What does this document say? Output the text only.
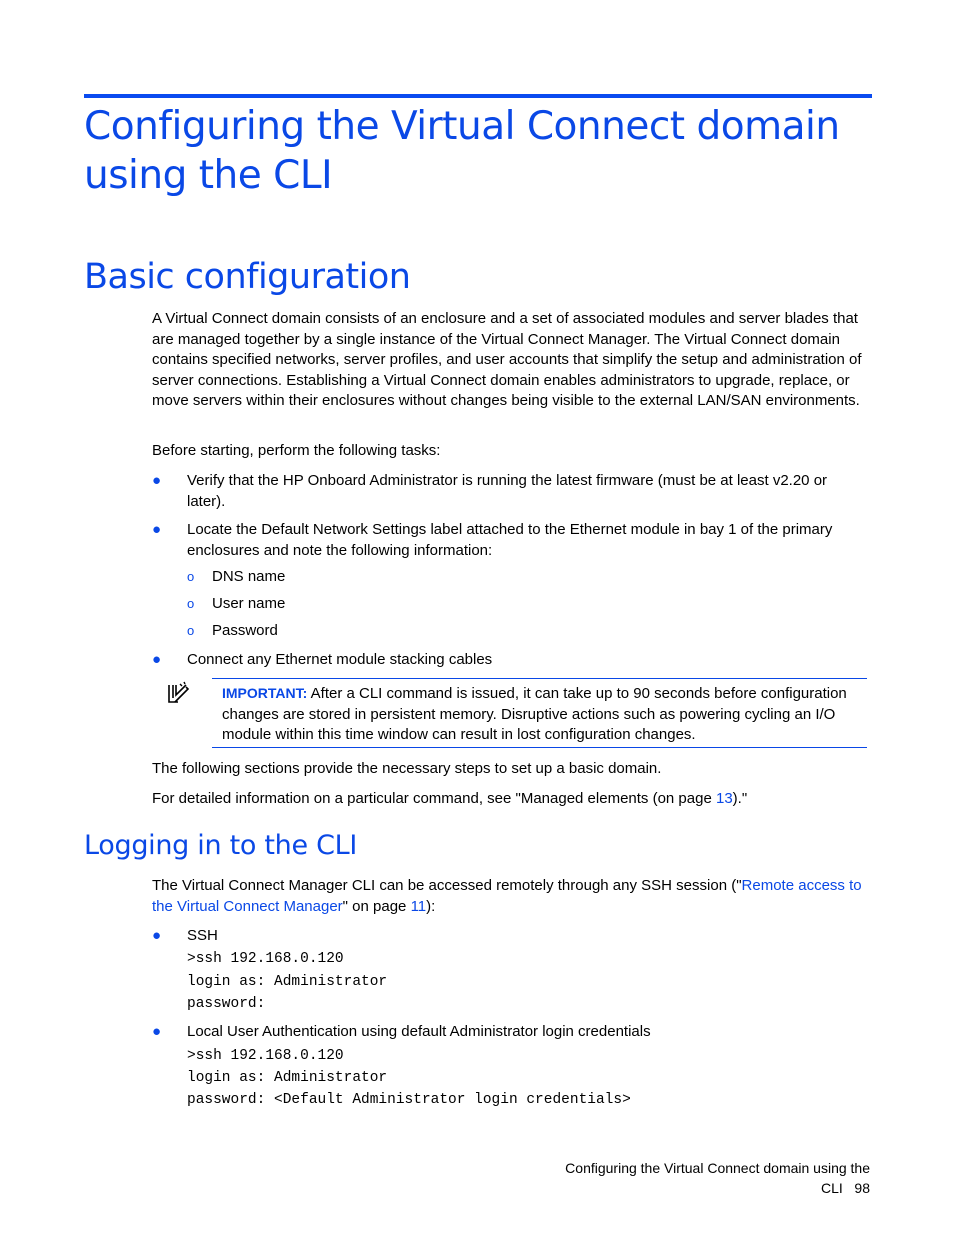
Configuring the Virtual Connect domain using the CLI
Basic configuration

A Virtual Connect domain consists of an enclosure and a set of associated modules and server blades that are managed together by a single instance of the Virtual Connect Manager. The Virtual Connect domain contains specified networks, server profiles, and user accounts that simplify the setup and administration of server connections. Establishing a Virtual Connect domain enables administrators to upgrade, replace, or move servers within their enclosures without changes being visible to the external LAN/SAN environments.

Before starting, perform the following tasks:
● Verify that the HP Onboard Administrator is running the latest firmware (must be at least v2.20 or later).
● Locate the Default Network Settings label attached to the Ethernet module in bay 1 of the primary enclosures and note the following information:
o DNS name
o User name
o Password
● Connect any Ethernet module stacking cables
IMPORTANT: After a CLI command is issued, it can take up to 90 seconds before configuration changes are stored in persistent memory. Disruptive actions such as powering cycling an I/O module within this time window can result in lost configuration changes.
The following sections provide the necessary steps to set up a basic domain.
For detailed information on a particular command, see "Managed elements (on page 13)."
Logging in to the CLI
The Virtual Connect Manager CLI can be accessed remotely through any SSH session ("Remote access to the Virtual Connect Manager" on page 11):
● SSH
>ssh 192.168.0.120
login as: Administrator
password:
● Local User Authentication using default Administrator login credentials
>ssh 192.168.0.120
login as: Administrator
password: <Default Administrator login credentials>
Configuring the Virtual Connect domain using the CLI 98
